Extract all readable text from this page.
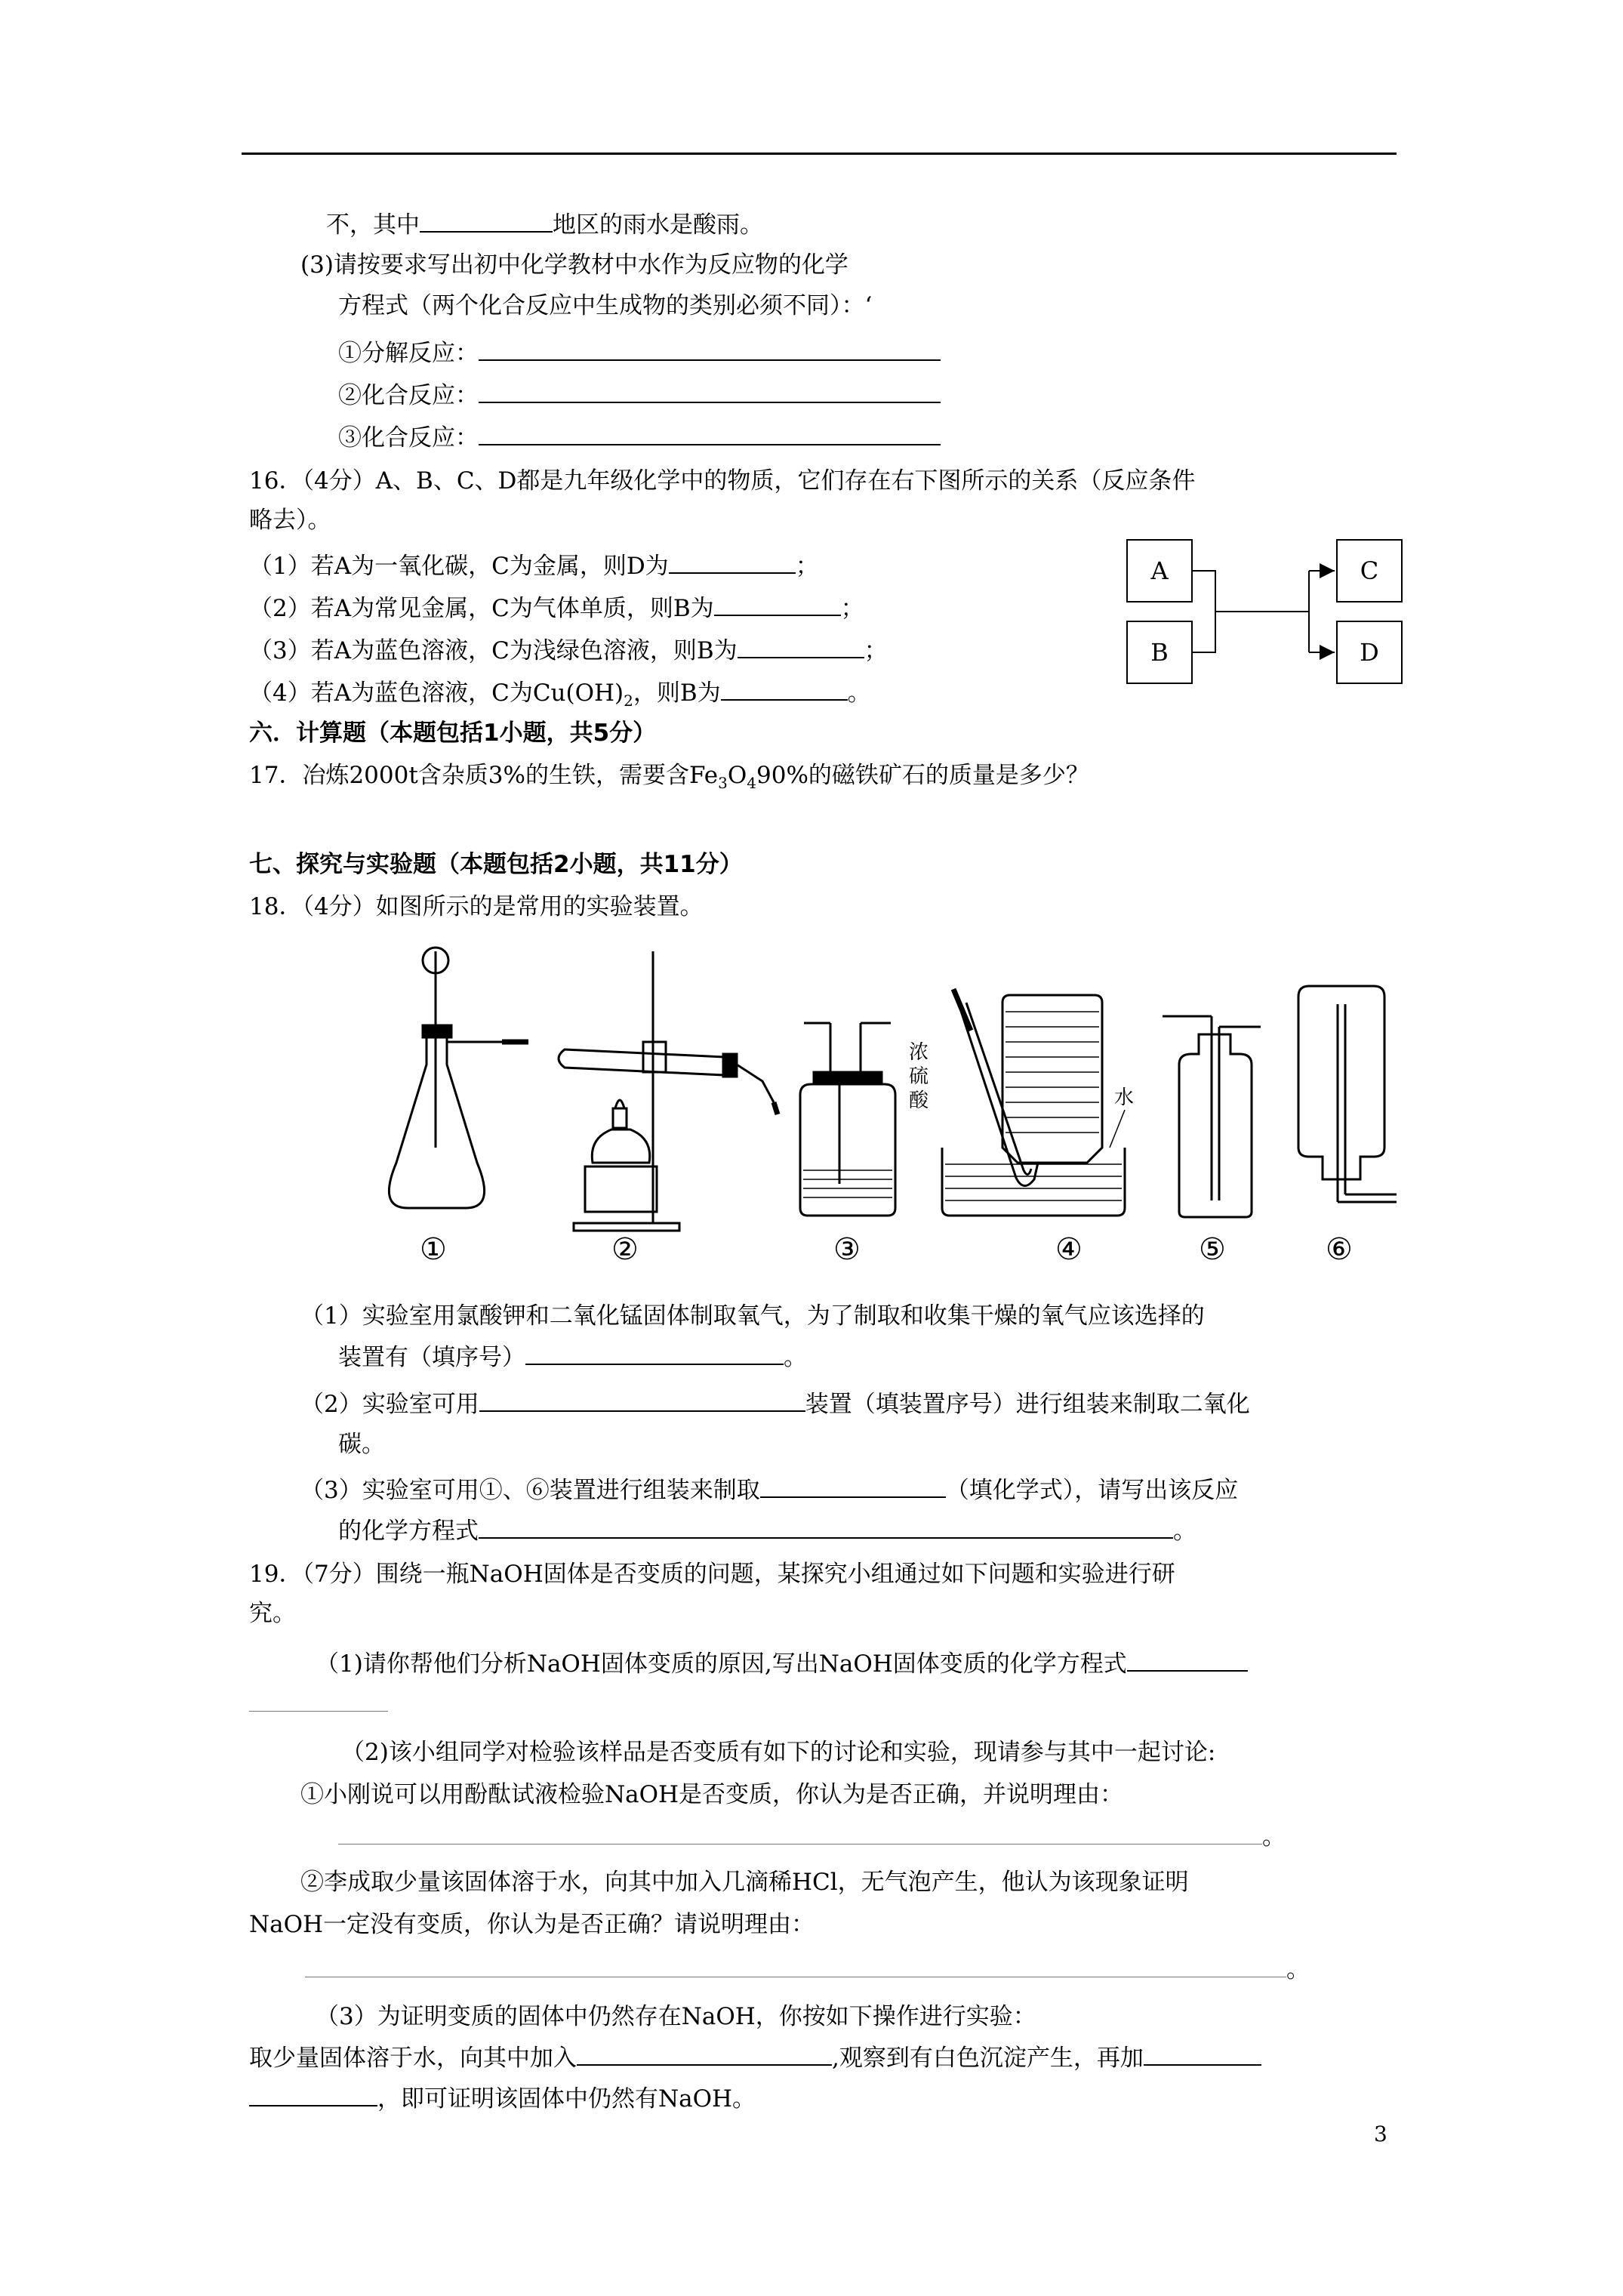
不，其中	地区的雨水是酸雨。
(3)请按要求写出初中化学教材中水作为反应物的化学
方程式（两个化合反应中生成物的类别必须不同）：‘
①分解反应：
②化合反应：
③化合反应：
16．（4分）A、B、C、D都是九年级化学中的物质，它们存在右下图所示的关系（反应条件
略去）。
（1）若A为一氧化碳，C为金属，则D为	；
（2）若A为常见金属，C为气体单质，则B为	；
（3）若A为蓝色溶液，C为浅绿色溶液，则B为	；
（4）若A为蓝色溶液，C为$Cu(OH)_2$，则B为	。
A
B
C
D
六．计算题（本题包括1小题，共5分）
17．冶炼2000t含杂质3%的生铁，需要含$Fe_3O_490\%$的磁铁矿石的质量是多少？
七、探究与实验题（本题包括2小题，共11分）
18．（4分）如图所示的是常用的实验装置。
浓
硫
酸	水
①	②	③	④	⑤	⑥
（1）实验室用氯酸钾和二氧化锰固体制取氧气，为了制取和收集干燥的氧气应该选择的
装置有（填序号）	。
（2）实验室可用	装置（填装置序号）进行组装来制取二氧化
碳。
（3）实验室可用①、⑥装置进行组装来制取	（填化学式），请写出该反应
的化学方程式	。
19．（7分）围绕一瓶NaOH固体是否变质的问题，某探究小组通过如下问题和实验进行研
究。
（1)请你帮他们分析NaOH固体变质的原因,写出NaOH固体变质的化学方程式
（2)该小组同学对检验该样品是否变质有如下的讨论和实验，现请参与其中一起讨论:
①小刚说可以用酚酞试液检验NaOH是否变质，你认为是否正确，并说明理由：
。
②李成取少量该固体溶于水，向其中加入几滴稀HCl，无气泡产生，他认为该现象证明
NaOH一定没有变质，你认为是否正确？请说明理由：
。
（3）为证明变质的固体中仍然存在NaOH，你按如下操作进行实验：
取少量固体溶于水，向其中加入	,观察到有白色沉淀产生，再加
，即可证明该固体中仍然有NaOH。
3
